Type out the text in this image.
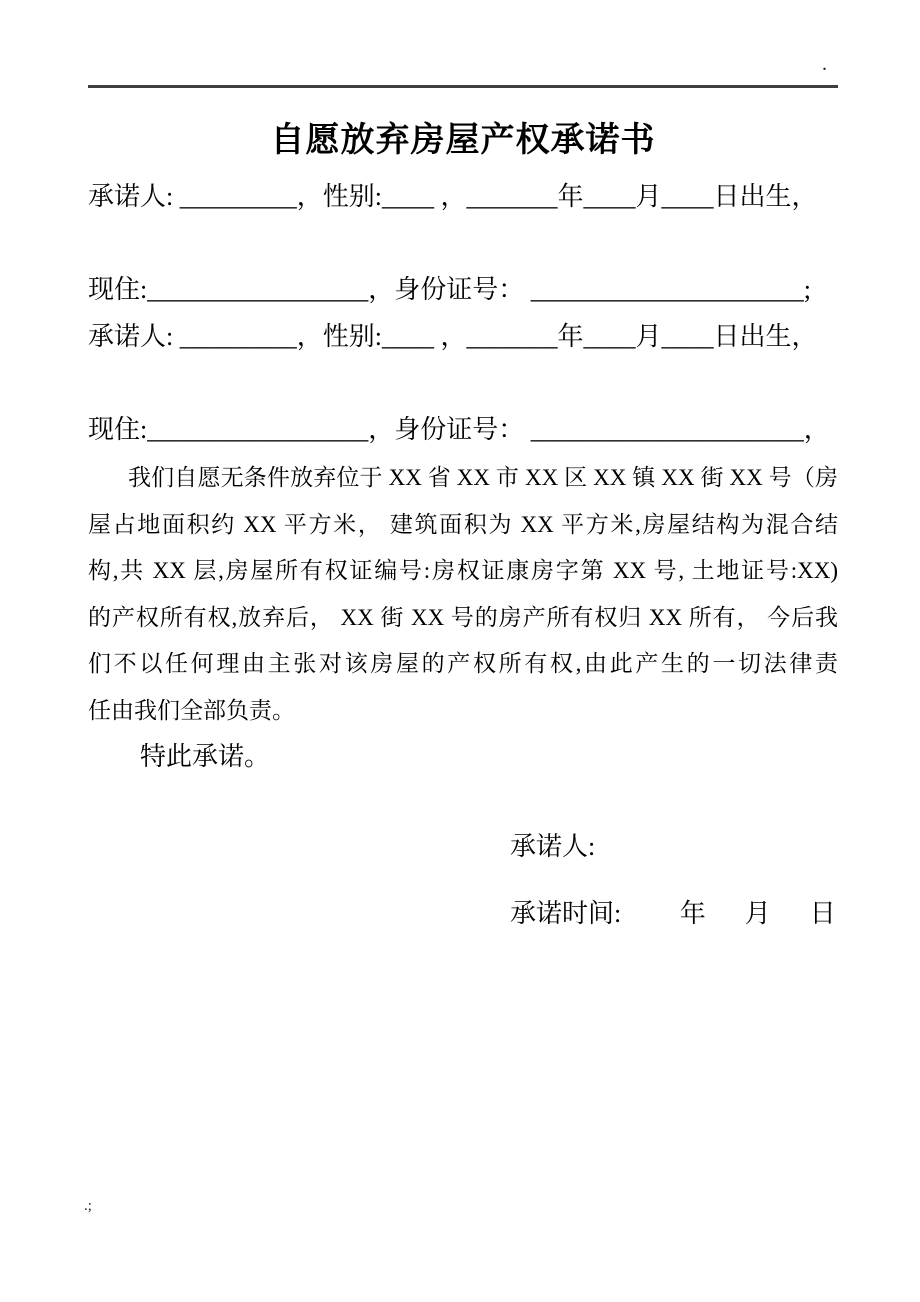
.
自愿放弃房屋产权承诺书
承诺人: _________，性别:____ ，_______年____月____日出生，
现住:_________________，身份证号： _____________________;
承诺人: _________，性别:____ ，_______年____月____日出生，
现住:_________________，身份证号： _____________________，
我们自愿无条件放弃位于 XX 省 XX 市 XX 区 XX 镇 XX 街 XX 号（房
屋占地面积约 XX 平方米， 建筑面积为 XX 平方米,房屋结构为混合结
构,共 XX 层,房屋所有权证编号:房权证康房字第 XX 号, 土地证号:XX)
的产权所有权,放弃后， XX 街 XX 号的房产所有权归 XX 所有， 今后我
们不以任何理由主张对该房屋的产权所有权,由此产生的一切法律责
任由我们全部负责。
特此承诺。
承诺人:
承诺时间:         年      月      日
.;
